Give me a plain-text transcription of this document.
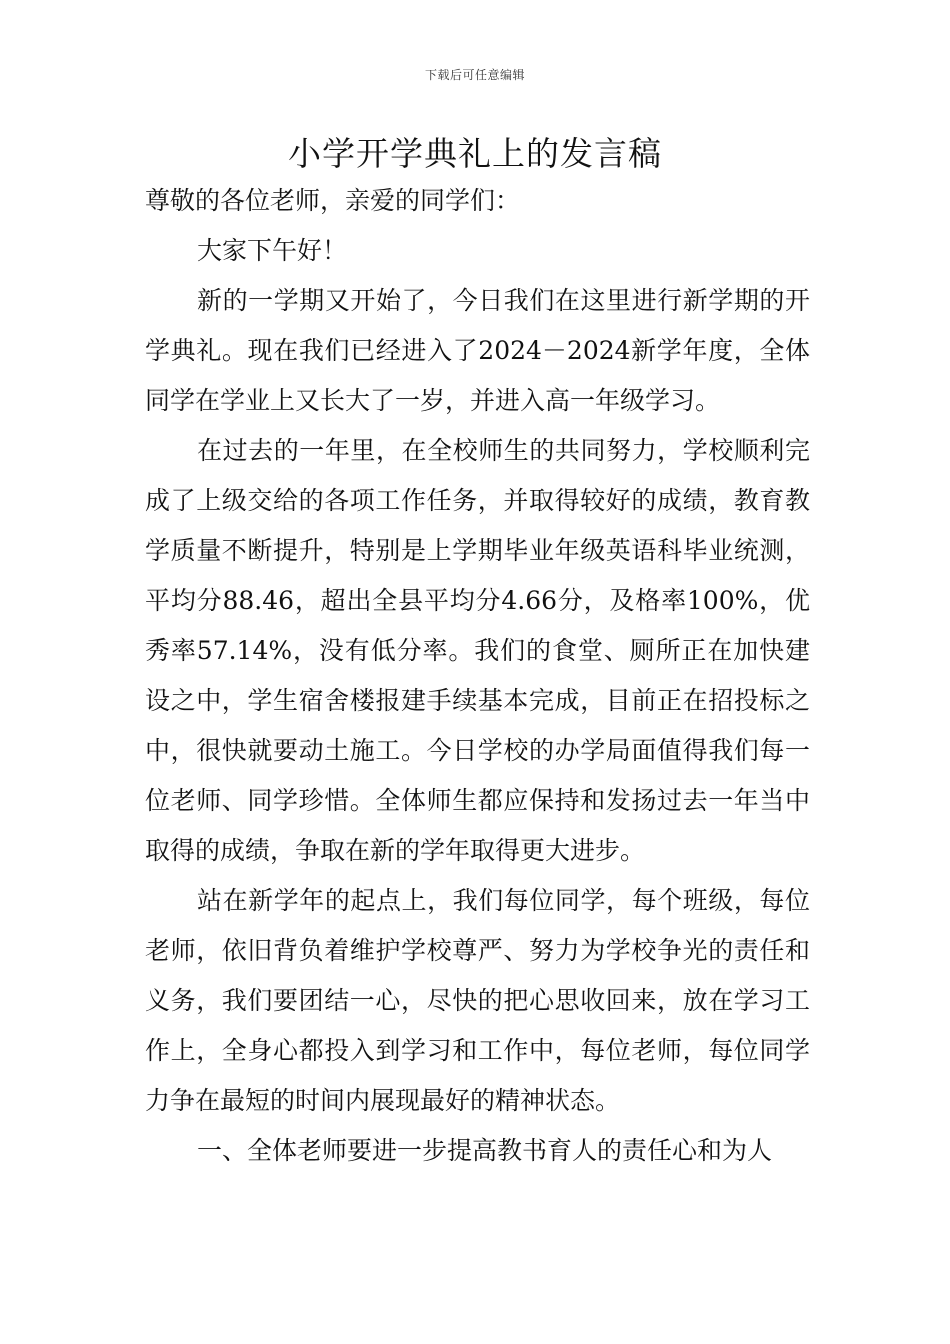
下载后可任意编辑
小学开学典礼上的发言稿

尊敬的各位老师，亲爱的同学们：

大家下午好！

新的一学期又开始了，今日我们在这里进行新学期的开学典礼。现在我们已经进入了2024－2024新学年度，全体同学在学业上又长大了一岁，并进入高一年级学习。

在过去的一年里，在全校师生的共同努力，学校顺利完成了上级交给的各项工作任务，并取得较好的成绩，教育教学质量不断提升，特别是上学期毕业年级英语科毕业统测，平均分88.46，超出全县平均分4.66分，及格率100%，优秀率57.14%，没有低分率。我们的食堂、厕所正在加快建设之中，学生宿舍楼报建手续基本完成，目前正在招投标之中，很快就要动土施工。今日学校的办学局面值得我们每一位老师、同学珍惜。全体师生都应保持和发扬过去一年当中取得的成绩，争取在新的学年取得更大进步。

站在新学年的起点上，我们每位同学，每个班级，每位老师，依旧背负着维护学校尊严、努力为学校争光的责任和义务，我们要团结一心，尽快的把心思收回来，放在学习工作上，全身心都投入到学习和工作中，每位老师，每位同学力争在最短的时间内展现最好的精神状态。

一、全体老师要进一步提高教书育人的责任心和为人
